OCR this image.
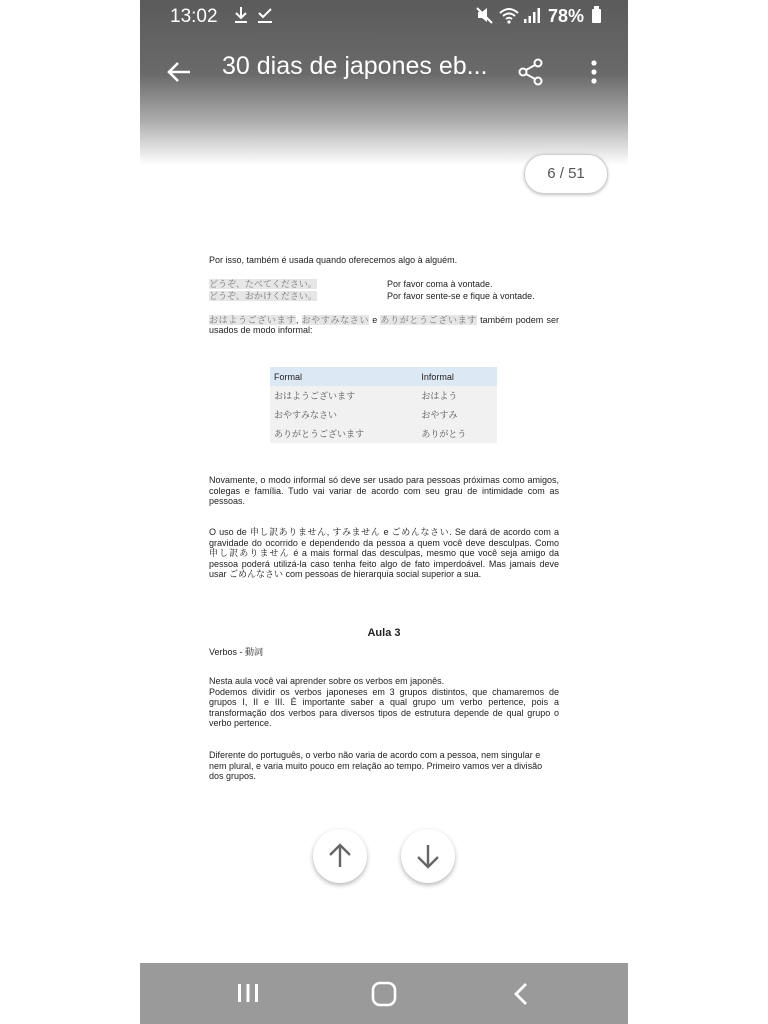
13:02	78%
30 dias de japones eb...
6 / 51

Por isso, também é usada quando oferecemos algo à alguém.

どうぞ、たべてください。	Por favor coma à vontade.
どうぞ、おかけください。	Por favor sente-se e fique à vontade.

おはようございます, おやすみなさい e ありがとうございます também podem ser usados de modo informal:

Formal	Informal
おはようございます	おはよう
おやすみなさい	おやすみ
ありがとうございます	ありがとう

Novamente, o modo informal só deve ser usado para pessoas próximas como amigos, colegas e família. Tudo vai variar de acordo com seu grau de intimidade com as pessoas.

O uso de 申し訳ありません, すみません e ごめんなさい. Se dará de acordo com a gravidade do ocorrido e dependendo da pessoa a quem você deve desculpas. Como 申し訳ありません é a mais formal das desculpas, mesmo que você seja amigo da pessoa poderá utilizá-la caso tenha feito algo de fato imperdoável. Mas jamais deve usar ごめんなさい com pessoas de hierarquia social superior a sua.

Aula 3

Verbos - 動詞

Nesta aula você vai aprender sobre os verbos em japonês.

Podemos dividir os verbos japoneses em 3 grupos distintos, que chamaremos de grupos I, II e III. É importante saber a qual grupo um verbo pertence, pois a transformação dos verbos para diversos tipos de estrutura depende de qual grupo o verbo pertence.

Diferente do português, o verbo não varia de acordo com a pessoa, nem singular e nem plural, e varia muito pouco em relação ao tempo. Primeiro vamos ver a divisão dos grupos.
